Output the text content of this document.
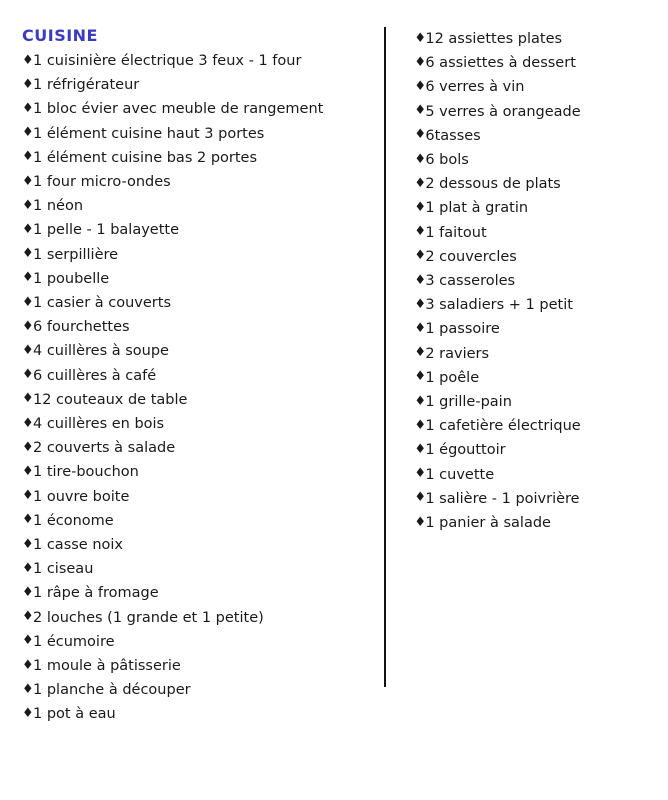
CUISINE
♦ 1 cuisinière électrique 3 feux - 1 four
♦ 1 réfrigérateur
♦ 1 bloc évier avec meuble de rangement
♦ 1 élément cuisine haut 3 portes
♦ 1 élément cuisine bas 2 portes
♦ 1 four micro-ondes
♦ 1 néon
♦ 1 pelle - 1 balayette
♦ 1 serpillière
♦ 1 poubelle
♦ 1 casier à couverts
♦ 6 fourchettes
♦ 4 cuillères à soupe
♦ 6 cuillères à café
♦ 12 couteaux de table
♦ 4 cuillères en bois
♦ 2 couverts à salade
♦ 1 tire-bouchon
♦ 1 ouvre boite
♦ 1 économe
♦ 1 casse noix
♦ 1 ciseau
♦ 1 râpe à fromage
♦ 2 louches (1 grande et 1 petite)
♦ 1 écumoire
♦ 1 moule à pâtisserie
♦ 1 planche à découper
♦ 1 pot à eau
♦ 12 assiettes plates
♦ 6 assiettes à dessert
♦ 6 verres à vin
♦ 5 verres à orangeade
♦ 6tasses
♦ 6 bols
♦ 2 dessous de plats
♦ 1 plat à gratin
♦ 1 faitout
♦ 2 couvercles
♦ 3 casseroles
♦ 3 saladiers + 1 petit
♦ 1 passoire
♦ 2 raviers
♦ 1 poêle
♦ 1 grille-pain
♦ 1 cafetière électrique
♦ 1 égouttoir
♦ 1 cuvette
♦ 1 salière - 1 poivrière
♦ 1 panier à salade
